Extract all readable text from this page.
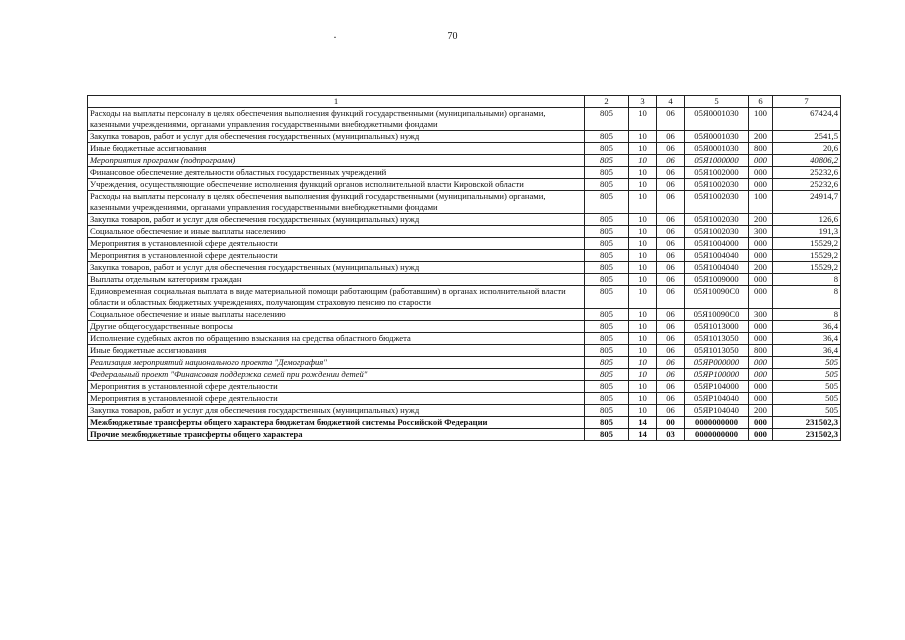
·	70
1	2	3	4	5	6	7
Расходы на выплаты персоналу в целях обеспечения выполнения функций государственными (муниципальными) органами, казенными учреждениями, органами управления государственными внебюджетными фондами	805	10	06	05Я0001030	100	67424,4
Закупка товаров, работ и услуг для обеспечения государственных (муниципальных) нужд	805	10	06	05Я0001030	200	2541,5
Иные бюджетные ассигнования	805	10	06	05Я0001030	800	20,6
Мероприятия программ (подпрограмм)	805	10	06	05Я1000000	000	40806,2
Финансовое обеспечение деятельности областных государственных учреждений	805	10	06	05Я1002000	000	25232,6
Учреждения, осуществляющие обеспечение исполнения функций органов исполнительной власти Кировской области	805	10	06	05Я1002030	000	25232,6
Расходы на выплаты персоналу в целях обеспечения выполнения функций государственными (муниципальными) органами, казенными учреждениями, органами управления государственными внебюджетными фондами	805	10	06	05Я1002030	100	24914,7
Закупка товаров, работ и услуг для обеспечения государственных (муниципальных) нужд	805	10	06	05Я1002030	200	126,6
Социальное обеспечение и иные выплаты населению	805	10	06	05Я1002030	300	191,3
Мероприятия в установленной сфере деятельности	805	10	06	05Я1004000	000	15529,2
Мероприятия в установленной сфере деятельности	805	10	06	05Я1004040	000	15529,2
Закупка товаров, работ и услуг для обеспечения государственных (муниципальных) нужд	805	10	06	05Я1004040	200	15529,2
Выплаты отдельным категориям граждан	805	10	06	05Я1009000	000	8
Единовременная социальная выплата в виде материальной помощи работающим (работавшим) в органах исполнительной власти области и областных бюджетных учреждениях, получающим страховую пенсию по старости	805	10	06	05Я10090С0	000	8
Социальное обеспечение и иные выплаты населению	805	10	06	05Я10090С0	300	8
Другие общегосударственные вопросы	805	10	06	05Я1013000	000	36,4
Исполнение судебных актов по обращению взыскания на средства областного бюджета	805	10	06	05Я1013050	000	36,4
Иные бюджетные ассигнования	805	10	06	05Я1013050	800	36,4
Реализация мероприятий национального проекта "Демография"	805	10	06	05ЯР000000	000	505
Федеральный проект "Финансовая поддержка семей при рождении детей"	805	10	06	05ЯР100000	000	505
Мероприятия в установленной сфере деятельности	805	10	06	05ЯР104000	000	505
Мероприятия в установленной сфере деятельности	805	10	06	05ЯР104040	000	505
Закупка товаров, работ и услуг для обеспечения государственных (муниципальных) нужд	805	10	06	05ЯР104040	200	505
Межбюджетные трансферты общего характера бюджетам бюджетной системы Российской Федерации	805	14	00	0000000000	000	231502,3
Прочие межбюджетные трансферты общего характера	805	14	03	0000000000	000	231502,3
